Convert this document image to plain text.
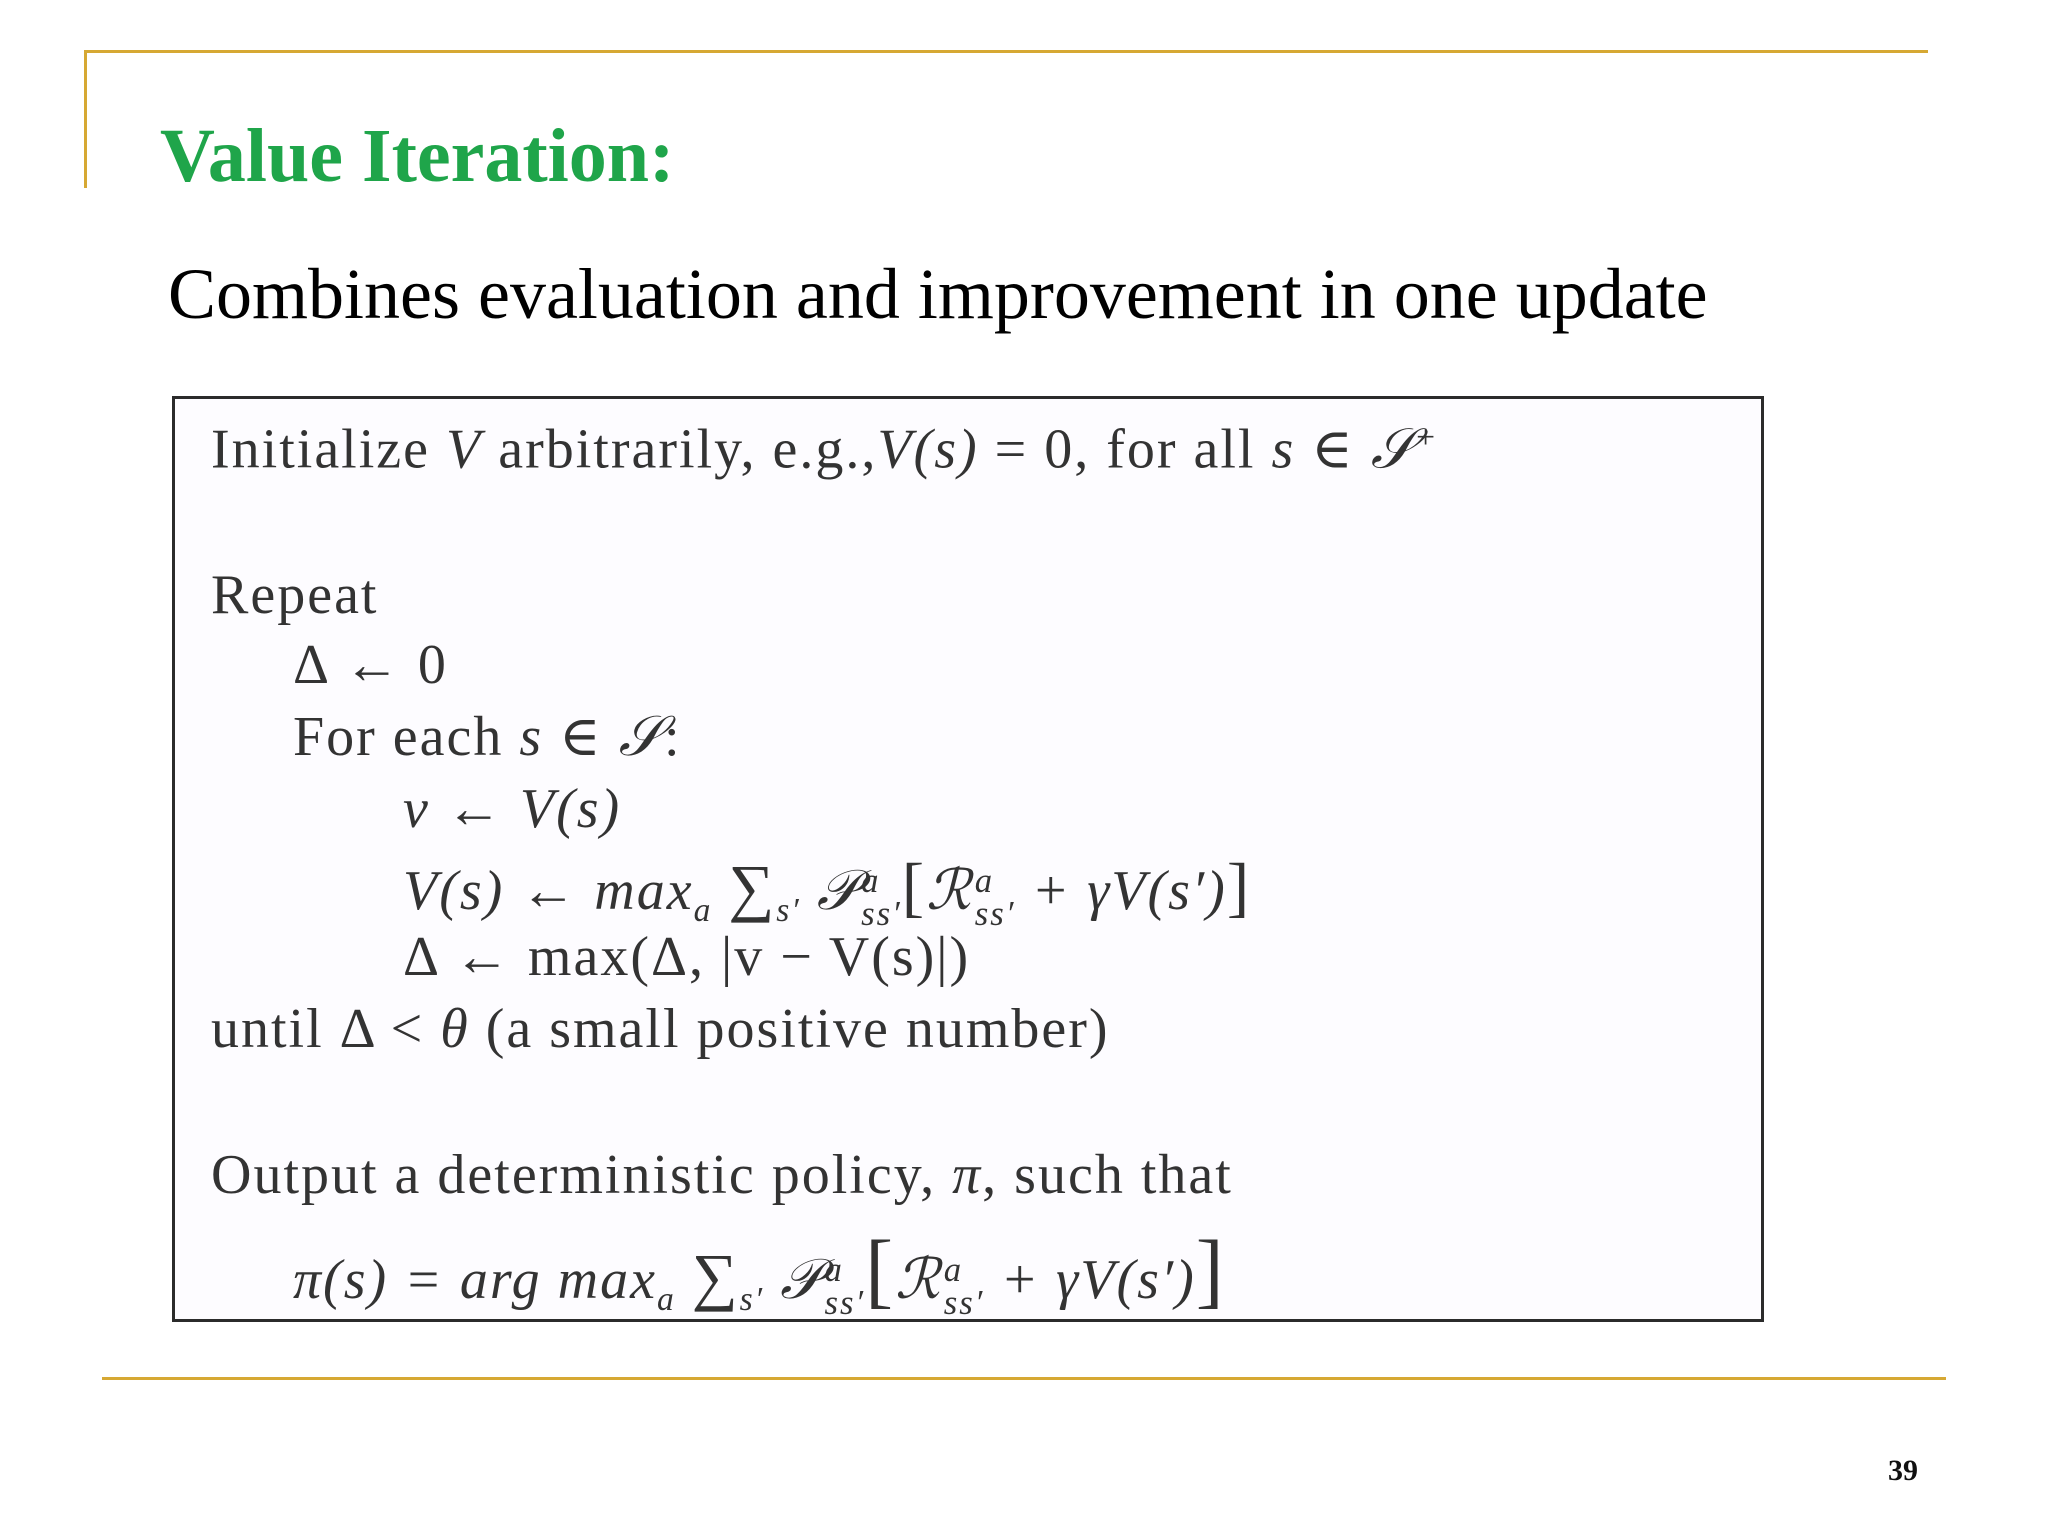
Value Iteration:
Combines evaluation and improvement in one update
Initialize V arbitrarily, e.g.,V(s) = 0, for all s ∈ 𝒮+
Repeat
Δ ← 0
For each s ∈ 𝒮:
v ← V(s)
V(s) ← $\max_a \sum_{s'}$ 𝒫a
ss′[ℛa
ss′ + γV(s′)]
Δ ← max(Δ, |v − V(s)|)
until Δ < θ (a small positive number)
Output a deterministic policy, π, such that
π(s) = arg $\max_a \sum_{s'}$ 𝒫a
ss′[ℛa
ss′ + γV(s′)]
39
